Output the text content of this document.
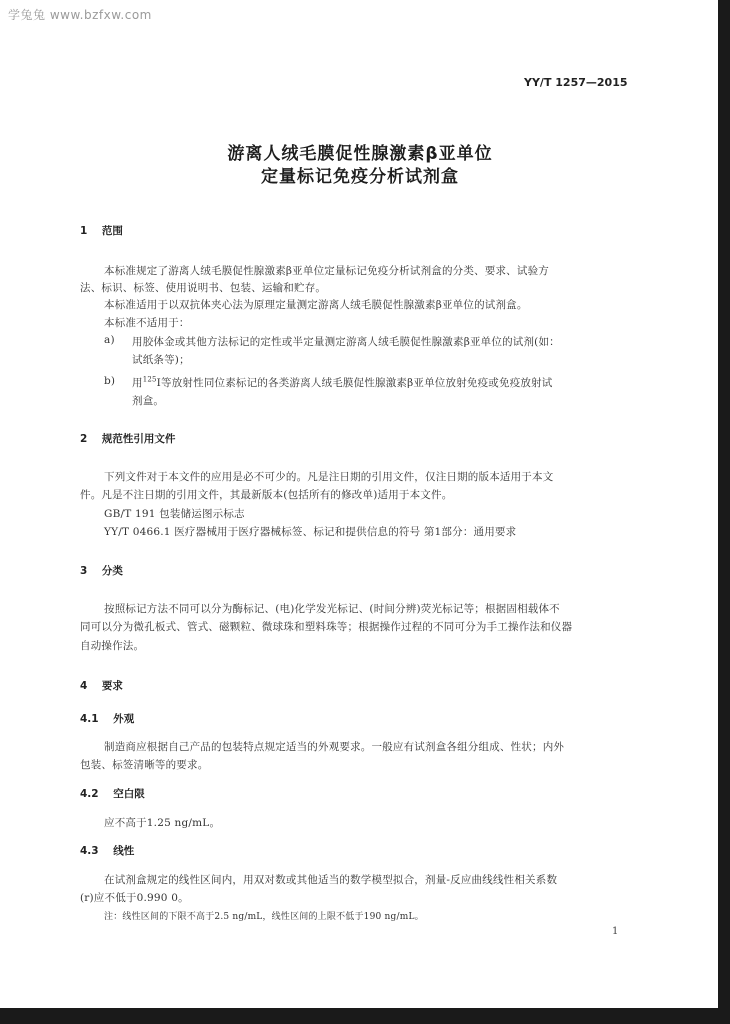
学兔兔 www.bzfxw.com
YY/T 1257—2015
游离人绒毛膜促性腺激素β亚单位
定量标记免疫分析试剂盒
1    范围
本标准规定了游离人绒毛膜促性腺激素β亚单位定量标记免疫分析试剂盒的分类、要求、试验方
法、标识、标签、使用说明书、包装、运输和贮存。
本标准适用于以双抗体夹心法为原理定量测定游离人绒毛膜促性腺激素β亚单位的试剂盒。
本标准不适用于：
a) 用胶体金或其他方法标记的定性或半定量测定游离人绒毛膜促性腺激素β亚单位的试剂(如：
试纸条等)；
b) 用$^{125}$I等放射性同位素标记的各类游离人绒毛膜促性腺激素β亚单位放射免疫或免疫放射试
剂盒。
2    规范性引用文件
下列文件对于本文件的应用是必不可少的。凡是注日期的引用文件，仅注日期的版本适用于本文
件。凡是不注日期的引用文件，其最新版本(包括所有的修改单)适用于本文件。
GB/T 191 包装储运图示标志
YY/T 0466.1 医疗器械用于医疗器械标签、标记和提供信息的符号 第1部分：通用要求
3    分类
按照标记方法不同可以分为酶标记、(电)化学发光标记、(时间分辨)荧光标记等；根据固相载体不
同可以分为微孔板式、管式、磁颗粒、微球珠和塑料珠等；根据操作过程的不同可分为手工操作法和仪器
自动操作法。
4    要求
4.1    外观
制造商应根据自己产品的包装特点规定适当的外观要求。一般应有试剂盒各组分组成、性状；内外
包装、标签清晰等的要求。
4.2    空白限
应不高于1.25 ng/mL。
4.3    线性
在试剂盒规定的线性区间内，用双对数或其他适当的数学模型拟合，剂量-反应曲线线性相关系数
(r)应不低于0.990 0。
注：线性区间的下限不高于2.5 ng/mL，线性区间的上限不低于190 ng/mL。
1
